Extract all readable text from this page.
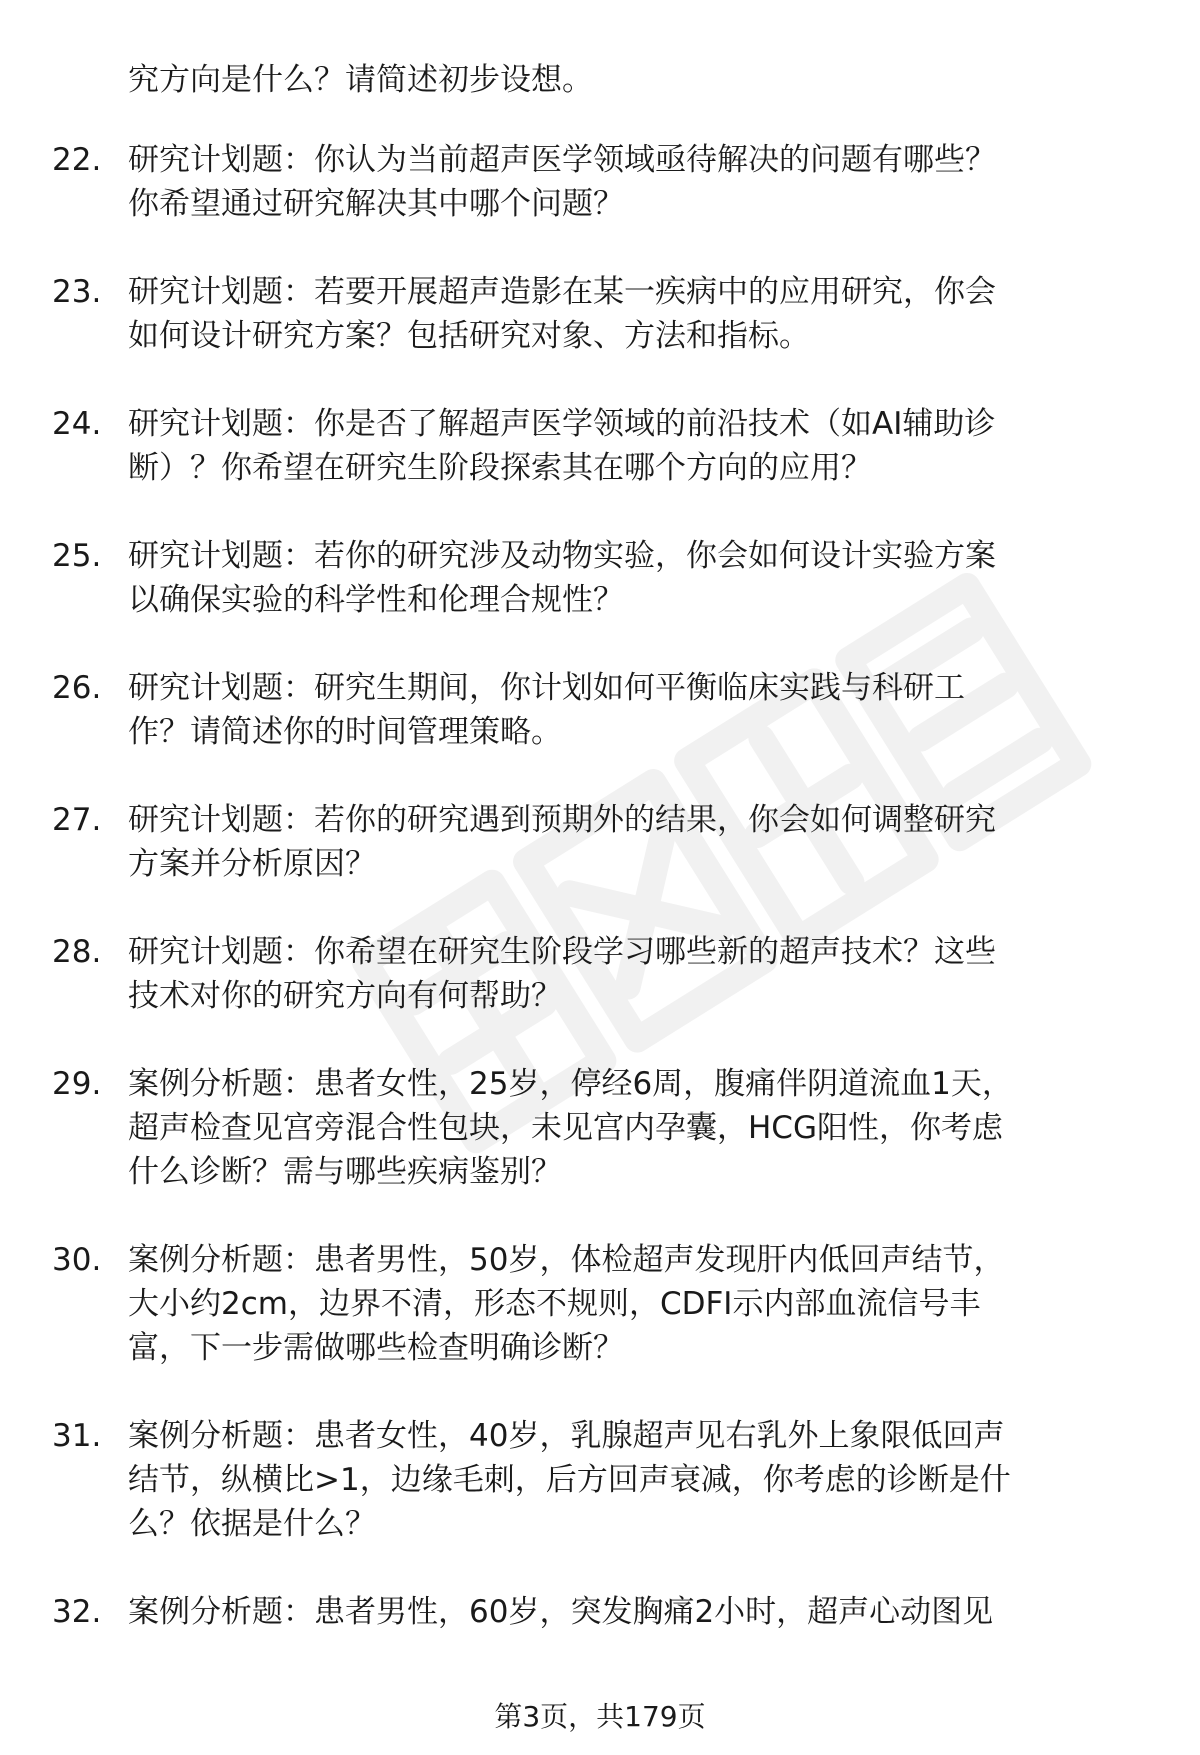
究方向是什么？请简述初步设想。
22. 研究计划题：你认为当前超声医学领域亟待解决的问题有哪些？
你希望通过研究解决其中哪个问题？
23. 研究计划题：若要开展超声造影在某一疾病中的应用研究，你会
如何设计研究方案？包括研究对象、方法和指标。
24. 研究计划题：你是否了解超声医学领域的前沿技术（如AI辅助诊
断）？你希望在研究生阶段探索其在哪个方向的应用？
25. 研究计划题：若你的研究涉及动物实验，你会如何设计实验方案
以确保实验的科学性和伦理合规性？
26. 研究计划题：研究生期间，你计划如何平衡临床实践与科研工
作？请简述你的时间管理策略。
27. 研究计划题：若你的研究遇到预期外的结果，你会如何调整研究
方案并分析原因？
28. 研究计划题：你希望在研究生阶段学习哪些新的超声技术？这些
技术对你的研究方向有何帮助？
29. 案例分析题：患者女性，25岁，停经6周，腹痛伴阴道流血1天，
超声检查见宫旁混合性包块，未见宫内孕囊，HCG阳性，你考虑
什么诊断？需与哪些疾病鉴别？
30. 案例分析题：患者男性，50岁，体检超声发现肝内低回声结节，
大小约2cm，边界不清，形态不规则，CDFI示内部血流信号丰
富，下一步需做哪些检查明确诊断？
31. 案例分析题：患者女性，40岁，乳腺超声见右乳外上象限低回声
结节，纵横比>1，边缘毛刺，后方回声衰减，你考虑的诊断是什
么？依据是什么？
32. 案例分析题：患者男性，60岁，突发胸痛2小时，超声心动图见
第3页，共179页
